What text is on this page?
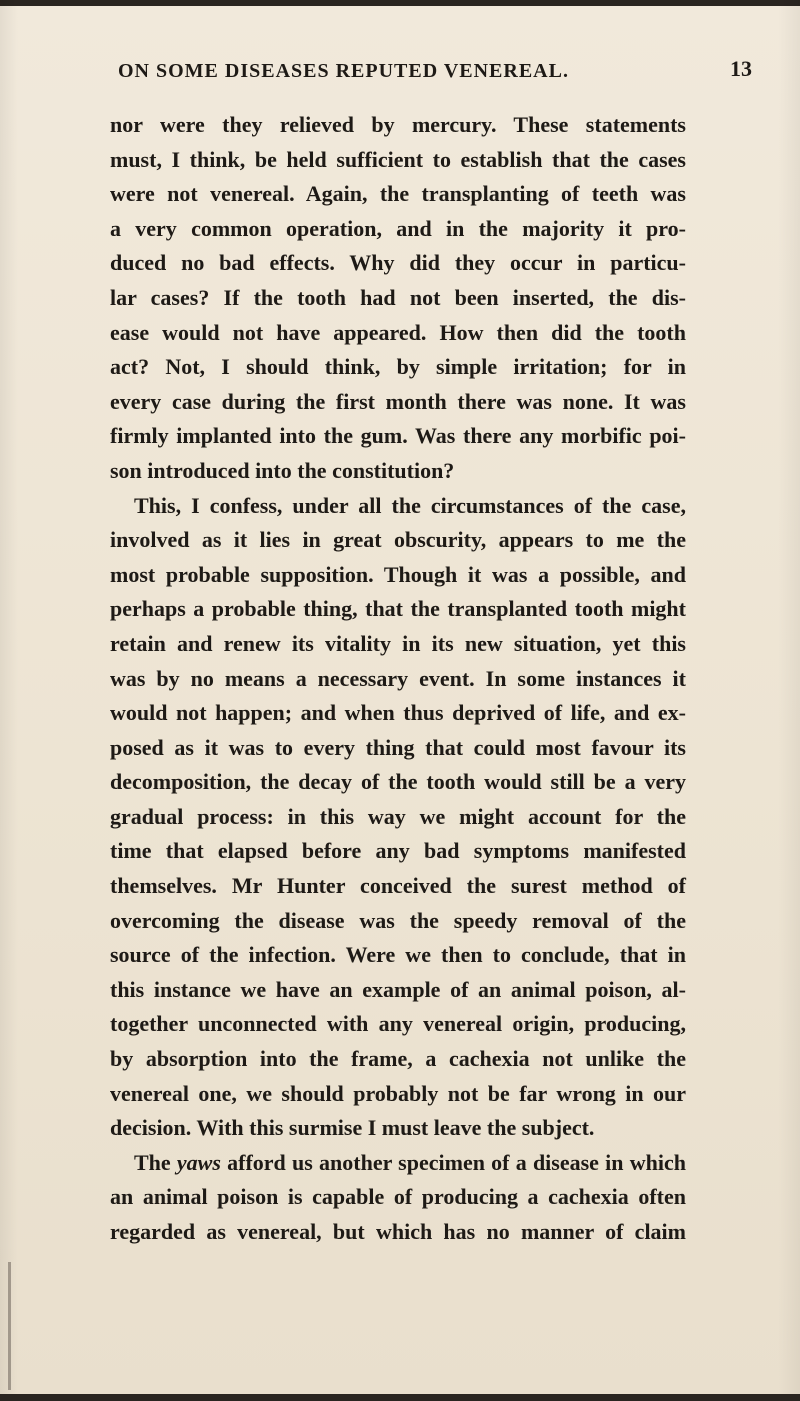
ON SOME DISEASES REPUTED VENEREAL.	13
nor were they relieved by mercury. These statements
must, I think, be held sufficient to establish that the cases
were not venereal. Again, the transplanting of teeth was
a very common operation, and in the majority it pro-
duced no bad effects. Why did they occur in particu-
lar cases? If the tooth had not been inserted, the dis-
ease would not have appeared. How then did the tooth
act? Not, I should think, by simple irritation; for in
every case during the first month there was none. It was
firmly implanted into the gum. Was there any morbific poi-
son introduced into the constitution?
This, I confess, under all the circumstances of the case,
involved as it lies in great obscurity, appears to me the
most probable supposition. Though it was a possible, and
perhaps a probable thing, that the transplanted tooth might
retain and renew its vitality in its new situation, yet this
was by no means a necessary event. In some instances it
would not happen; and when thus deprived of life, and ex-
posed as it was to every thing that could most favour its
decomposition, the decay of the tooth would still be a very
gradual process: in this way we might account for the
time that elapsed before any bad symptoms manifested
themselves. Mr Hunter conceived the surest method of
overcoming the disease was the speedy removal of the
source of the infection. Were we then to conclude, that in
this instance we have an example of an animal poison, al-
together unconnected with any venereal origin, producing,
by absorption into the frame, a cachexia not unlike the
venereal one, we should probably not be far wrong in our
decision. With this surmise I must leave the subject.
The yaws afford us another specimen of a disease in which
an animal poison is capable of producing a cachexia often
regarded as venereal, but which has no manner of claim
